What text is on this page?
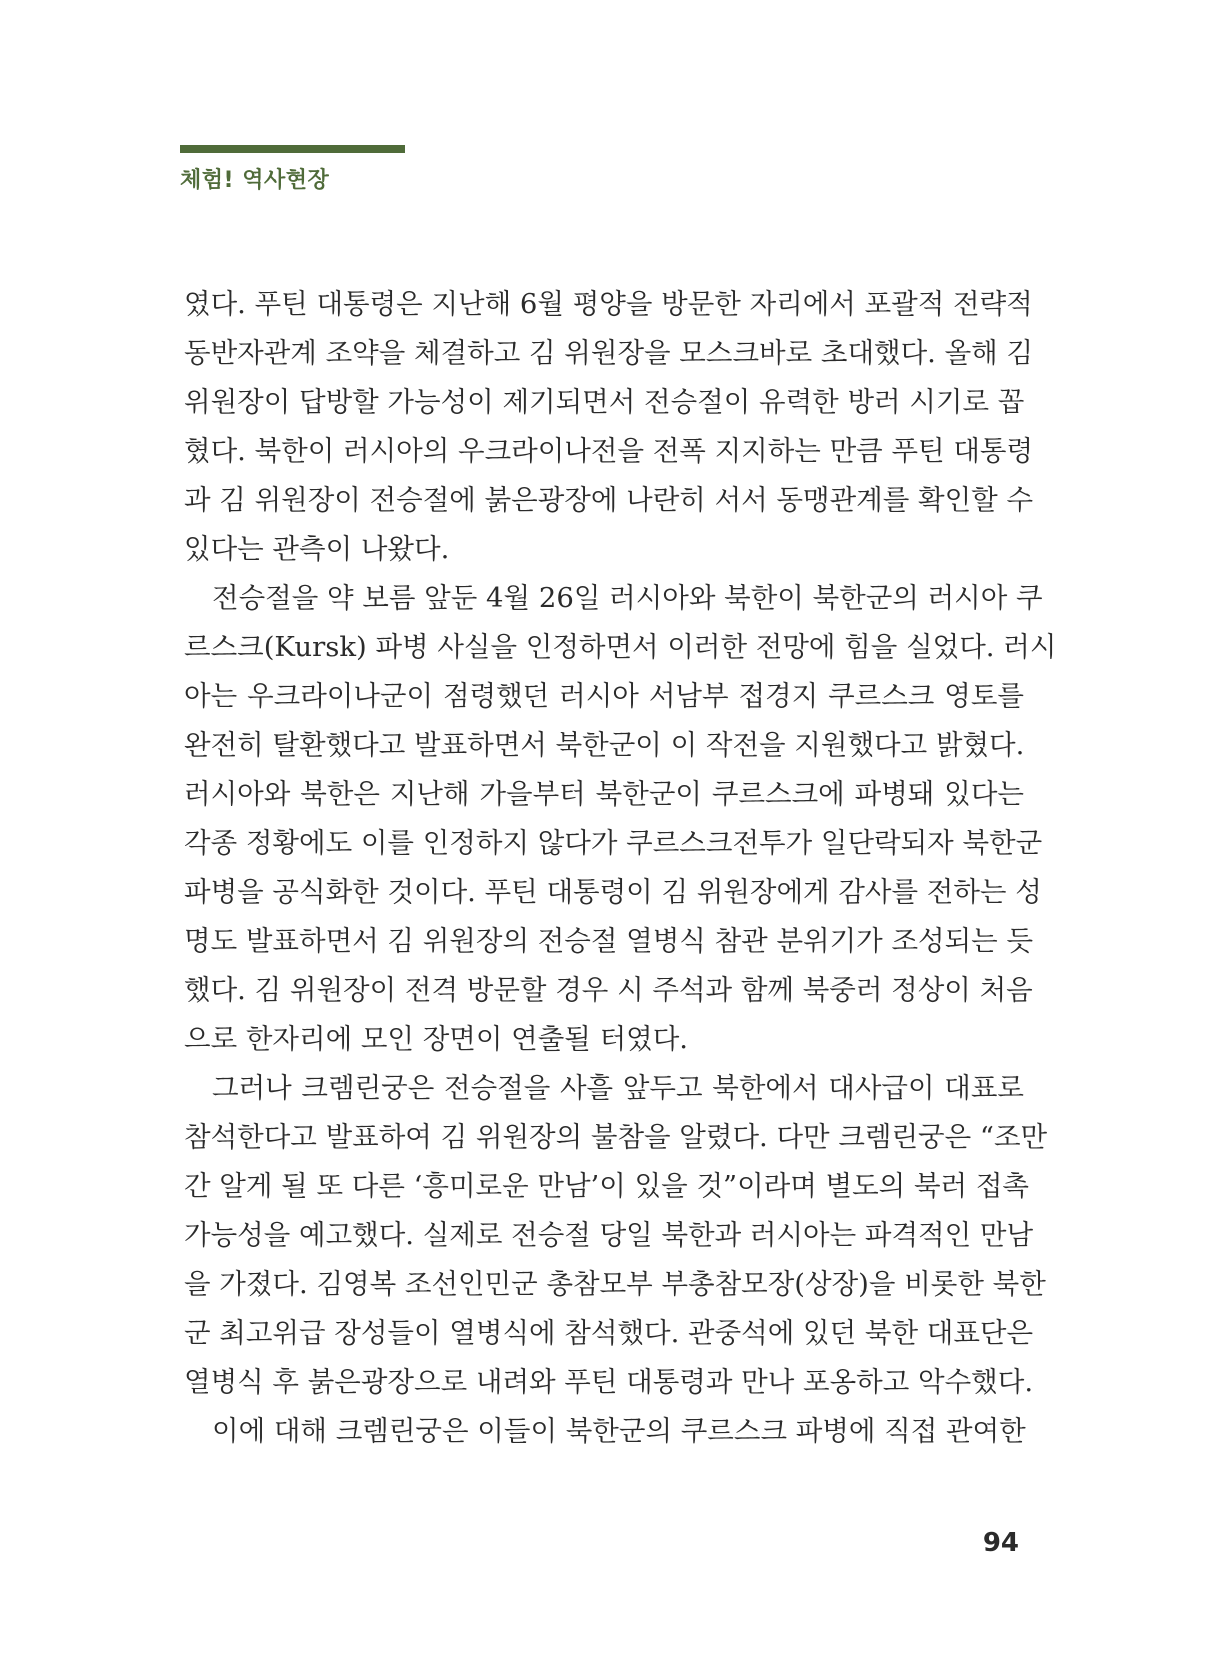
체험! 역사현장
였다. 푸틴 대통령은 지난해 6월 평양을 방문한 자리에서 포괄적 전략적
동반자관계 조약을 체결하고 김 위원장을 모스크바로 초대했다. 올해 김
위원장이 답방할 가능성이 제기되면서 전승절이 유력한 방러 시기로 꼽
혔다. 북한이 러시아의 우크라이나전을 전폭 지지하는 만큼 푸틴 대통령
과 김 위원장이 전승절에 붉은광장에 나란히 서서 동맹관계를 확인할 수
있다는 관측이 나왔다.
전승절을 약 보름 앞둔 4월 26일 러시아와 북한이 북한군의 러시아 쿠
르스크(Kursk) 파병 사실을 인정하면서 이러한 전망에 힘을 실었다. 러시
아는 우크라이나군이 점령했던 러시아 서남부 접경지 쿠르스크 영토를
완전히 탈환했다고 발표하면서 북한군이 이 작전을 지원했다고 밝혔다.
러시아와 북한은 지난해 가을부터 북한군이 쿠르스크에 파병돼 있다는
각종 정황에도 이를 인정하지 않다가 쿠르스크전투가 일단락되자 북한군
파병을 공식화한 것이다. 푸틴 대통령이 김 위원장에게 감사를 전하는 성
명도 발표하면서 김 위원장의 전승절 열병식 참관 분위기가 조성되는 듯
했다. 김 위원장이 전격 방문할 경우 시 주석과 함께 북중러 정상이 처음
으로 한자리에 모인 장면이 연출될 터였다.
그러나 크렘린궁은 전승절을 사흘 앞두고 북한에서 대사급이 대표로
참석한다고 발표하여 김 위원장의 불참을 알렸다. 다만 크렘린궁은 “조만
간 알게 될 또 다른 ‘흥미로운 만남’이 있을 것”이라며 별도의 북러 접촉
가능성을 예고했다. 실제로 전승절 당일 북한과 러시아는 파격적인 만남
을 가졌다. 김영복 조선인민군 총참모부 부총참모장(상장)을 비롯한 북한
군 최고위급 장성들이 열병식에 참석했다. 관중석에 있던 북한 대표단은
열병식 후 붉은광장으로 내려와 푸틴 대통령과 만나 포옹하고 악수했다.
이에 대해 크렘린궁은 이들이 북한군의 쿠르스크 파병에 직접 관여한
94
